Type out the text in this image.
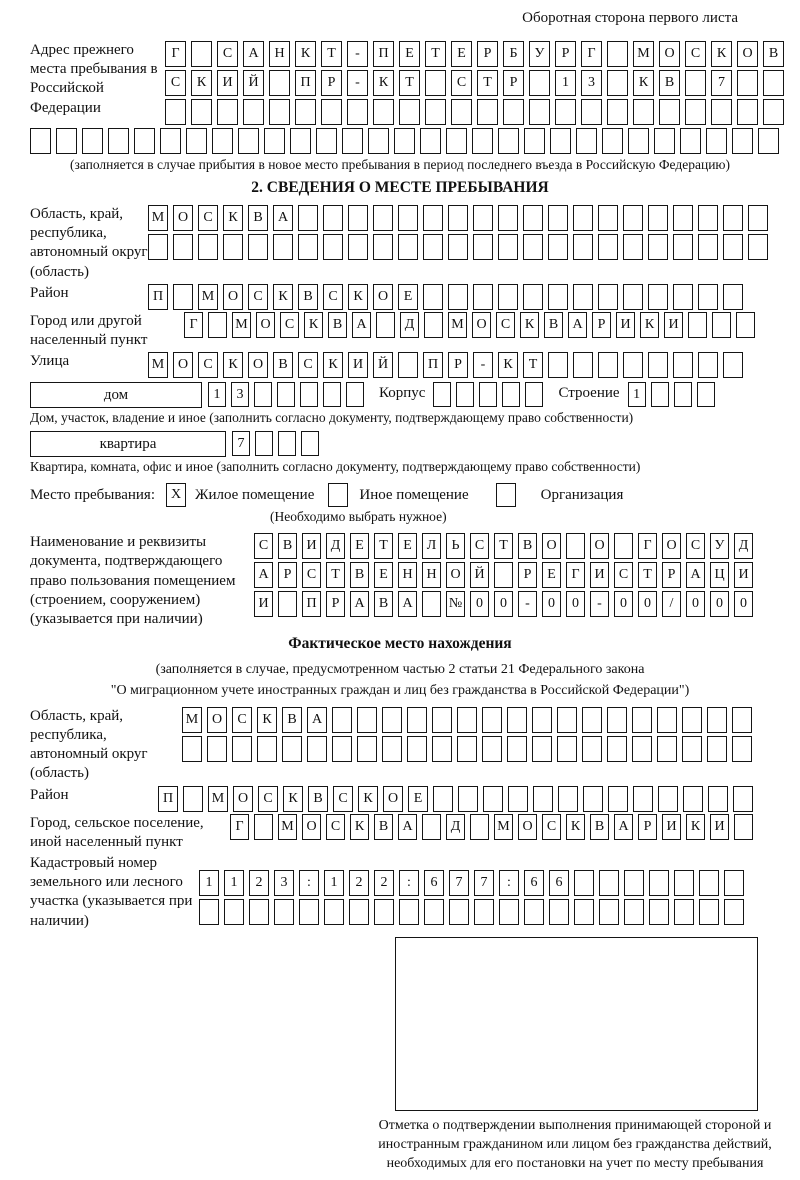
Оборотная сторона первого листа
Адрес прежнего места пребывания в Российской Федерации
Г	С	А	Н	К	Т	-	П	Е	Т	Е	Р	Б	У	Р	Г	М	О	С	К	О	В
С	К	И	Й	П	Р	-	К	Т	С	Т	Р	1	3	К	В	7
(заполняется в случае прибытия в новое место пребывания в период последнего въезда в Российскую Федерацию)
2. СВЕДЕНИЯ О МЕСТЕ ПРЕБЫВАНИЯ
Область, край, республика, автономный округ (область)
М О	С	К	В	А
Район	П	М О	С	К	В	С	К	О	Е
Город или другой населенный пункт
Г	М О	С	К	В	А	Д	М О	С	К	В	А	Р	И	К	И
Улица	М О	С	К	О	В	С	К	И	Й	П	Р	-	К	Т
дом	1	3	Корпус	Строение 1
Дом, участок, владение и иное (заполнить согласно документу, подтверждающему право собственности)
квартира	7
Квартира, комната, офис и иное (заполнить согласно документу, подтверждающему право собственности)
Место пребывания:	X Жилое помещение	Иное помещение	Организация
(Необходимо выбрать нужное)
Наименование и реквизиты документа, подтверждающего право пользования помещением (строением, сооружением) (указывается при наличии)
С	В	И	Д	Е	Т	Е	Л	Ь	С	Т	В	О	О	Г	О	С	У	Д
А	Р	С	Т	В	Е	Н Н О Й	Р	Е	Г	И	С	Т	Р	А Ц И
И	П	Р	А	В	А	№ 0	0	-	0	0	-	0	0	/	0	0	0
Фактическое место нахождения
(заполняется в случае, предусмотренном частью 2 статьи 21 Федерального закона
"О миграционном учете иностранных граждан и лиц без гражданства в Российской Федерации")
Область, край, республика, автономный округ (область)
М О	С	К	В	А
Район	П	М О	С	К	В	С	К	О	Е
Город, сельское поселение, иной населенный пункт
Г	М О	С	К	В	А	Д	М О	С	К	В	А	Р	И	К	И
Кадастровый номер земельного или лесного участка (указывается при наличии)
1	1	2	3	:	1	2	2	:	6	7	7	:	6	6
Отметка о подтверждении выполнения принимающей стороной и иностранным гражданином или лицом без гражданства действий, необходимых для его постановки на учет по месту пребывания
